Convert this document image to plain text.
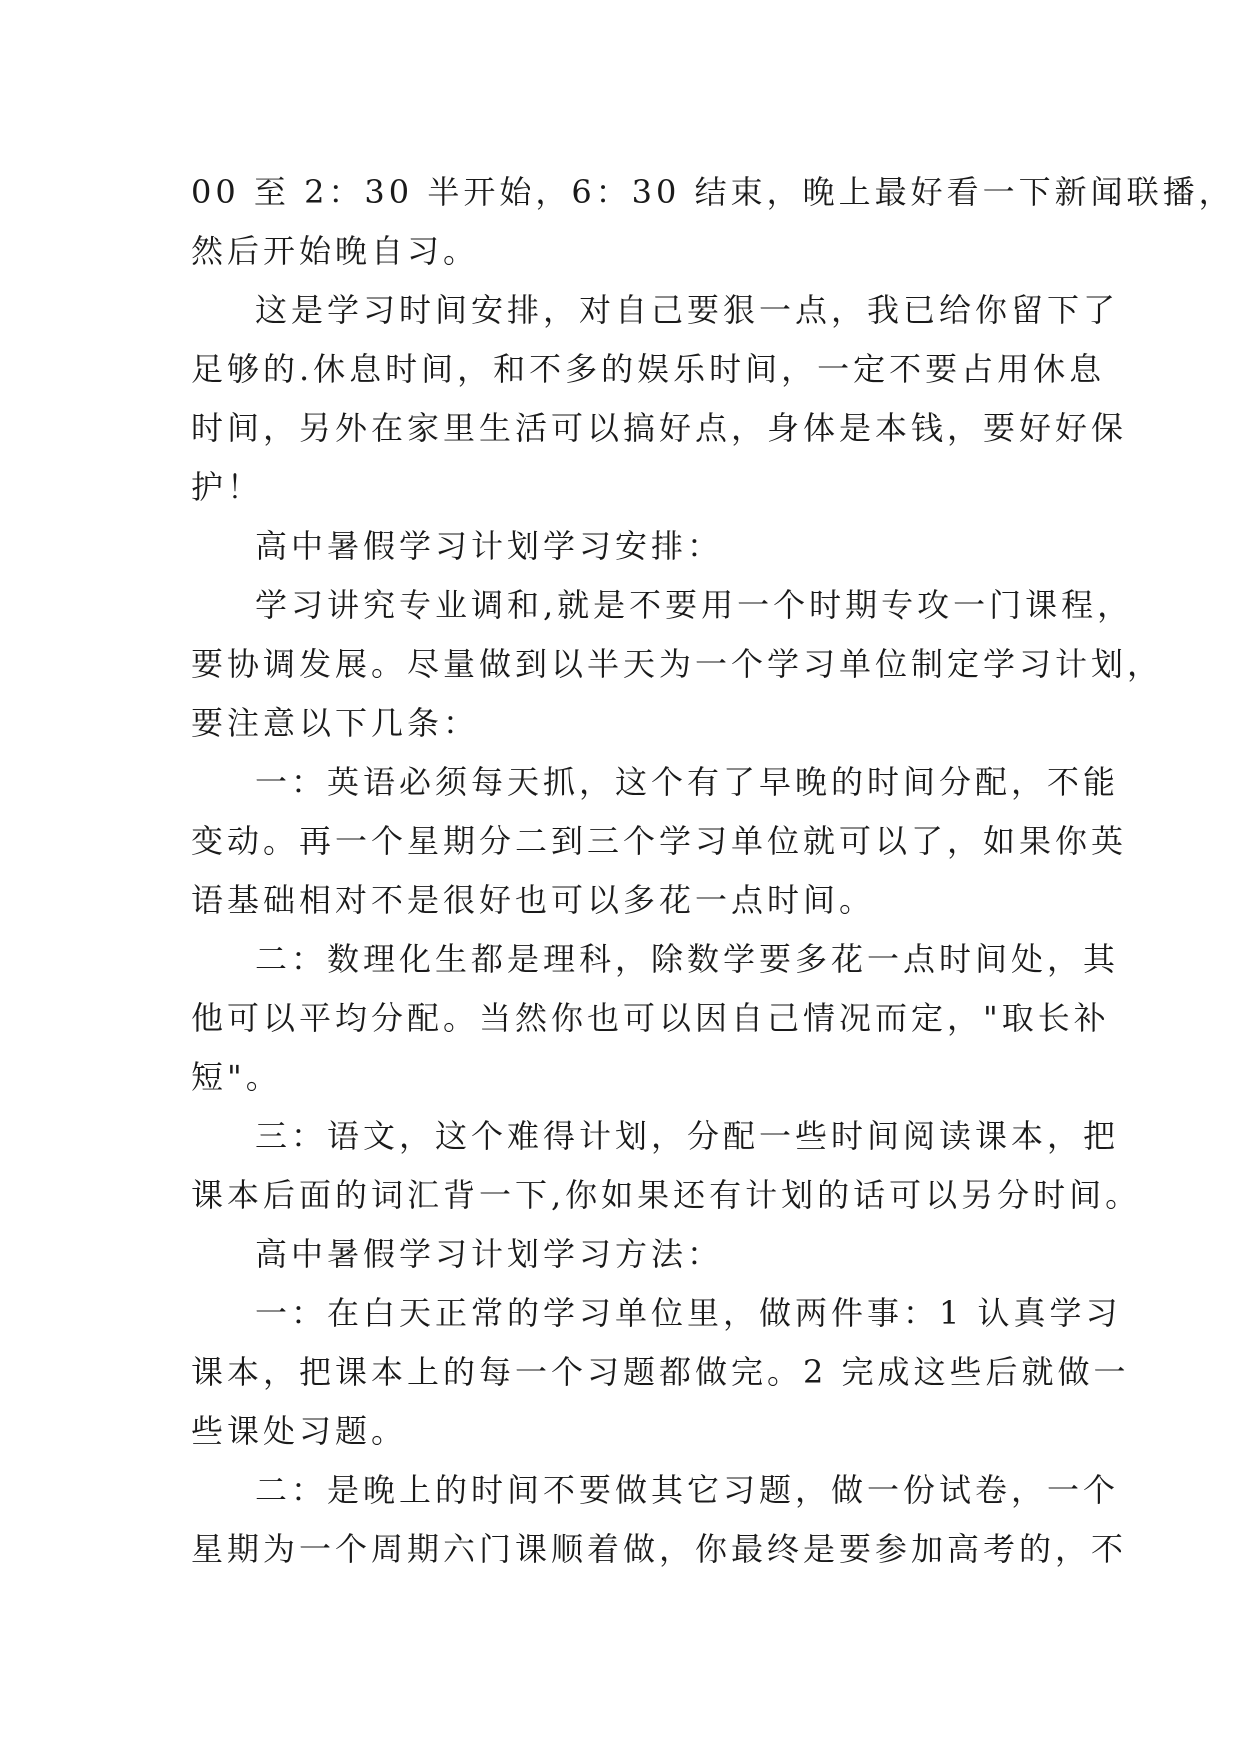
00 至 2：30 半开始，6：30 结束，晚上最好看一下新闻联播，
然后开始晚自习。
这是学习时间安排，对自己要狠一点，我已给你留下了
足够的.休息时间，和不多的娱乐时间，一定不要占用休息
时间，另外在家里生活可以搞好点，身体是本钱，要好好保
护！
高中暑假学习计划学习安排：
学习讲究专业调和,就是不要用一个时期专攻一门课程，
要协调发展。尽量做到以半天为一个学习单位制定学习计划，
要注意以下几条：
一：英语必须每天抓，这个有了早晚的时间分配，不能
变动。再一个星期分二到三个学习单位就可以了，如果你英
语基础相对不是很好也可以多花一点时间。
二：数理化生都是理科，除数学要多花一点时间处，其
他可以平均分配。当然你也可以因自己情况而定，"取长补
短"。
三：语文，这个难得计划，分配一些时间阅读课本，把
课本后面的词汇背一下,你如果还有计划的话可以另分时间。
高中暑假学习计划学习方法：
一：在白天正常的学习单位里，做两件事：1 认真学习
课本，把课本上的每一个习题都做完。2 完成这些后就做一
些课处习题。
二：是晚上的时间不要做其它习题，做一份试卷，一个
星期为一个周期六门课顺着做，你最终是要参加高考的，不
